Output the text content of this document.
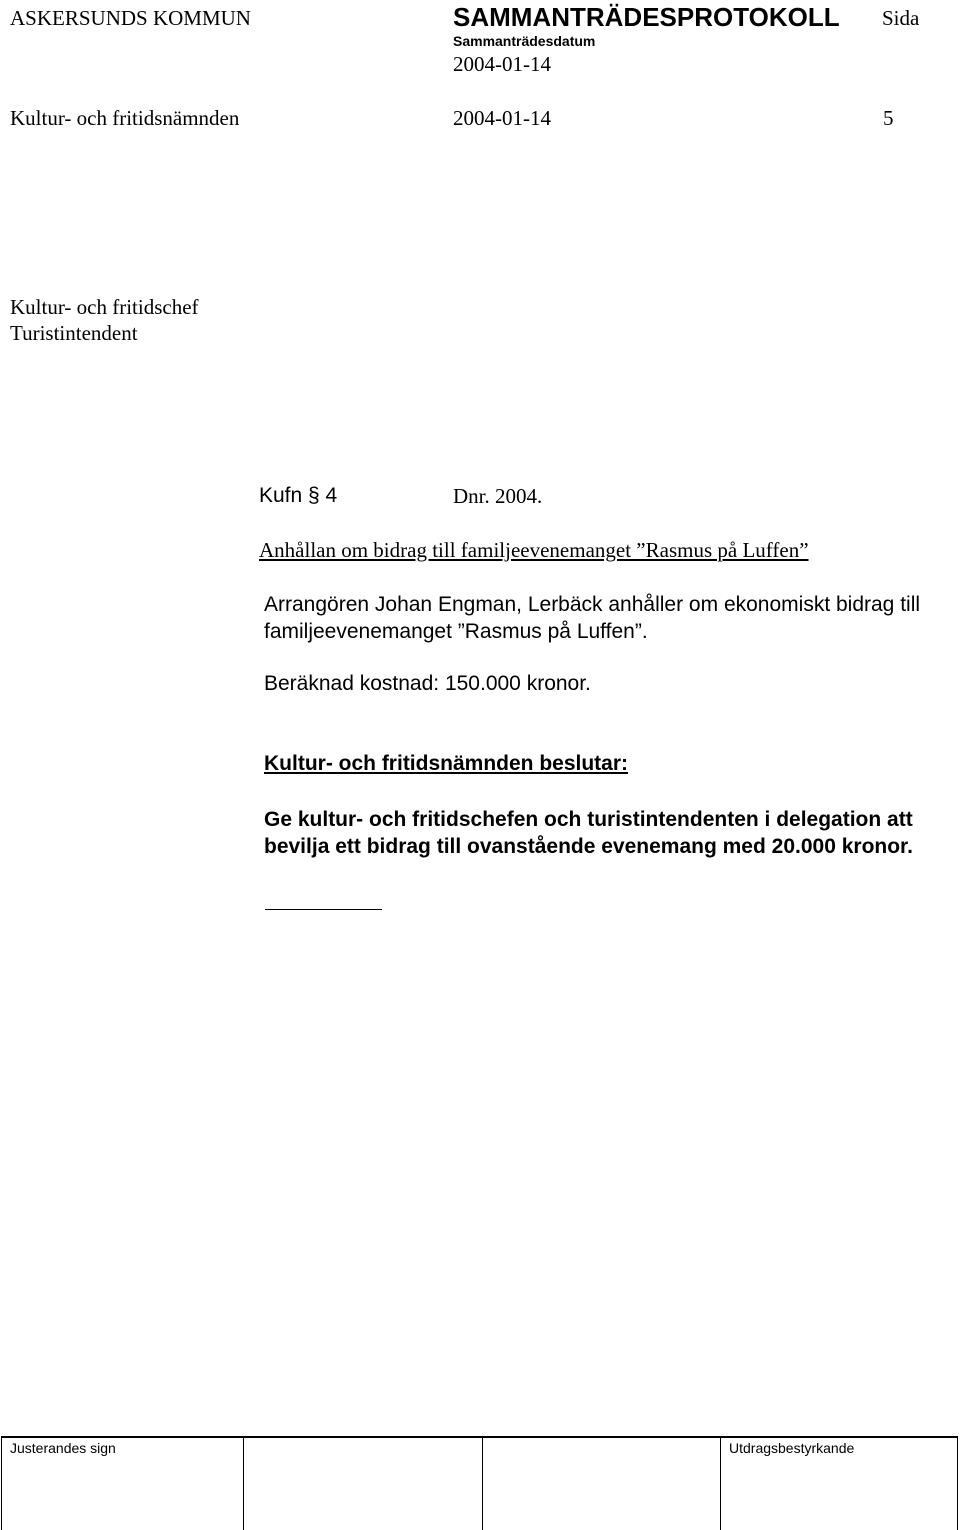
ASKERSUNDS KOMMUN	SAMMANTRÄDESPROTOKOLL Sida
Sammanträdesdatum
2004-01-14
Kultur- och fritidsnämnden	2004-01-14	5
Kultur- och fritidschef
Turistintendent
Kufn § 4	Dnr. 2004.
Anhållan om bidrag till familjeevenemanget ”Rasmus på Luffen”
Arrangören Johan Engman, Lerbäck anhåller om ekonomiskt bidrag till familjeevenemanget ”Rasmus på Luffen”.
Beräknad kostnad: 150.000 kronor.
Kultur- och fritidsnämnden beslutar:
Ge kultur- och fritidschefen och turistintendenten i delegation att bevilja ett bidrag till ovanstående evenemang med 20.000 kronor.
Justerandes sign	Utdragsbestyrkande
